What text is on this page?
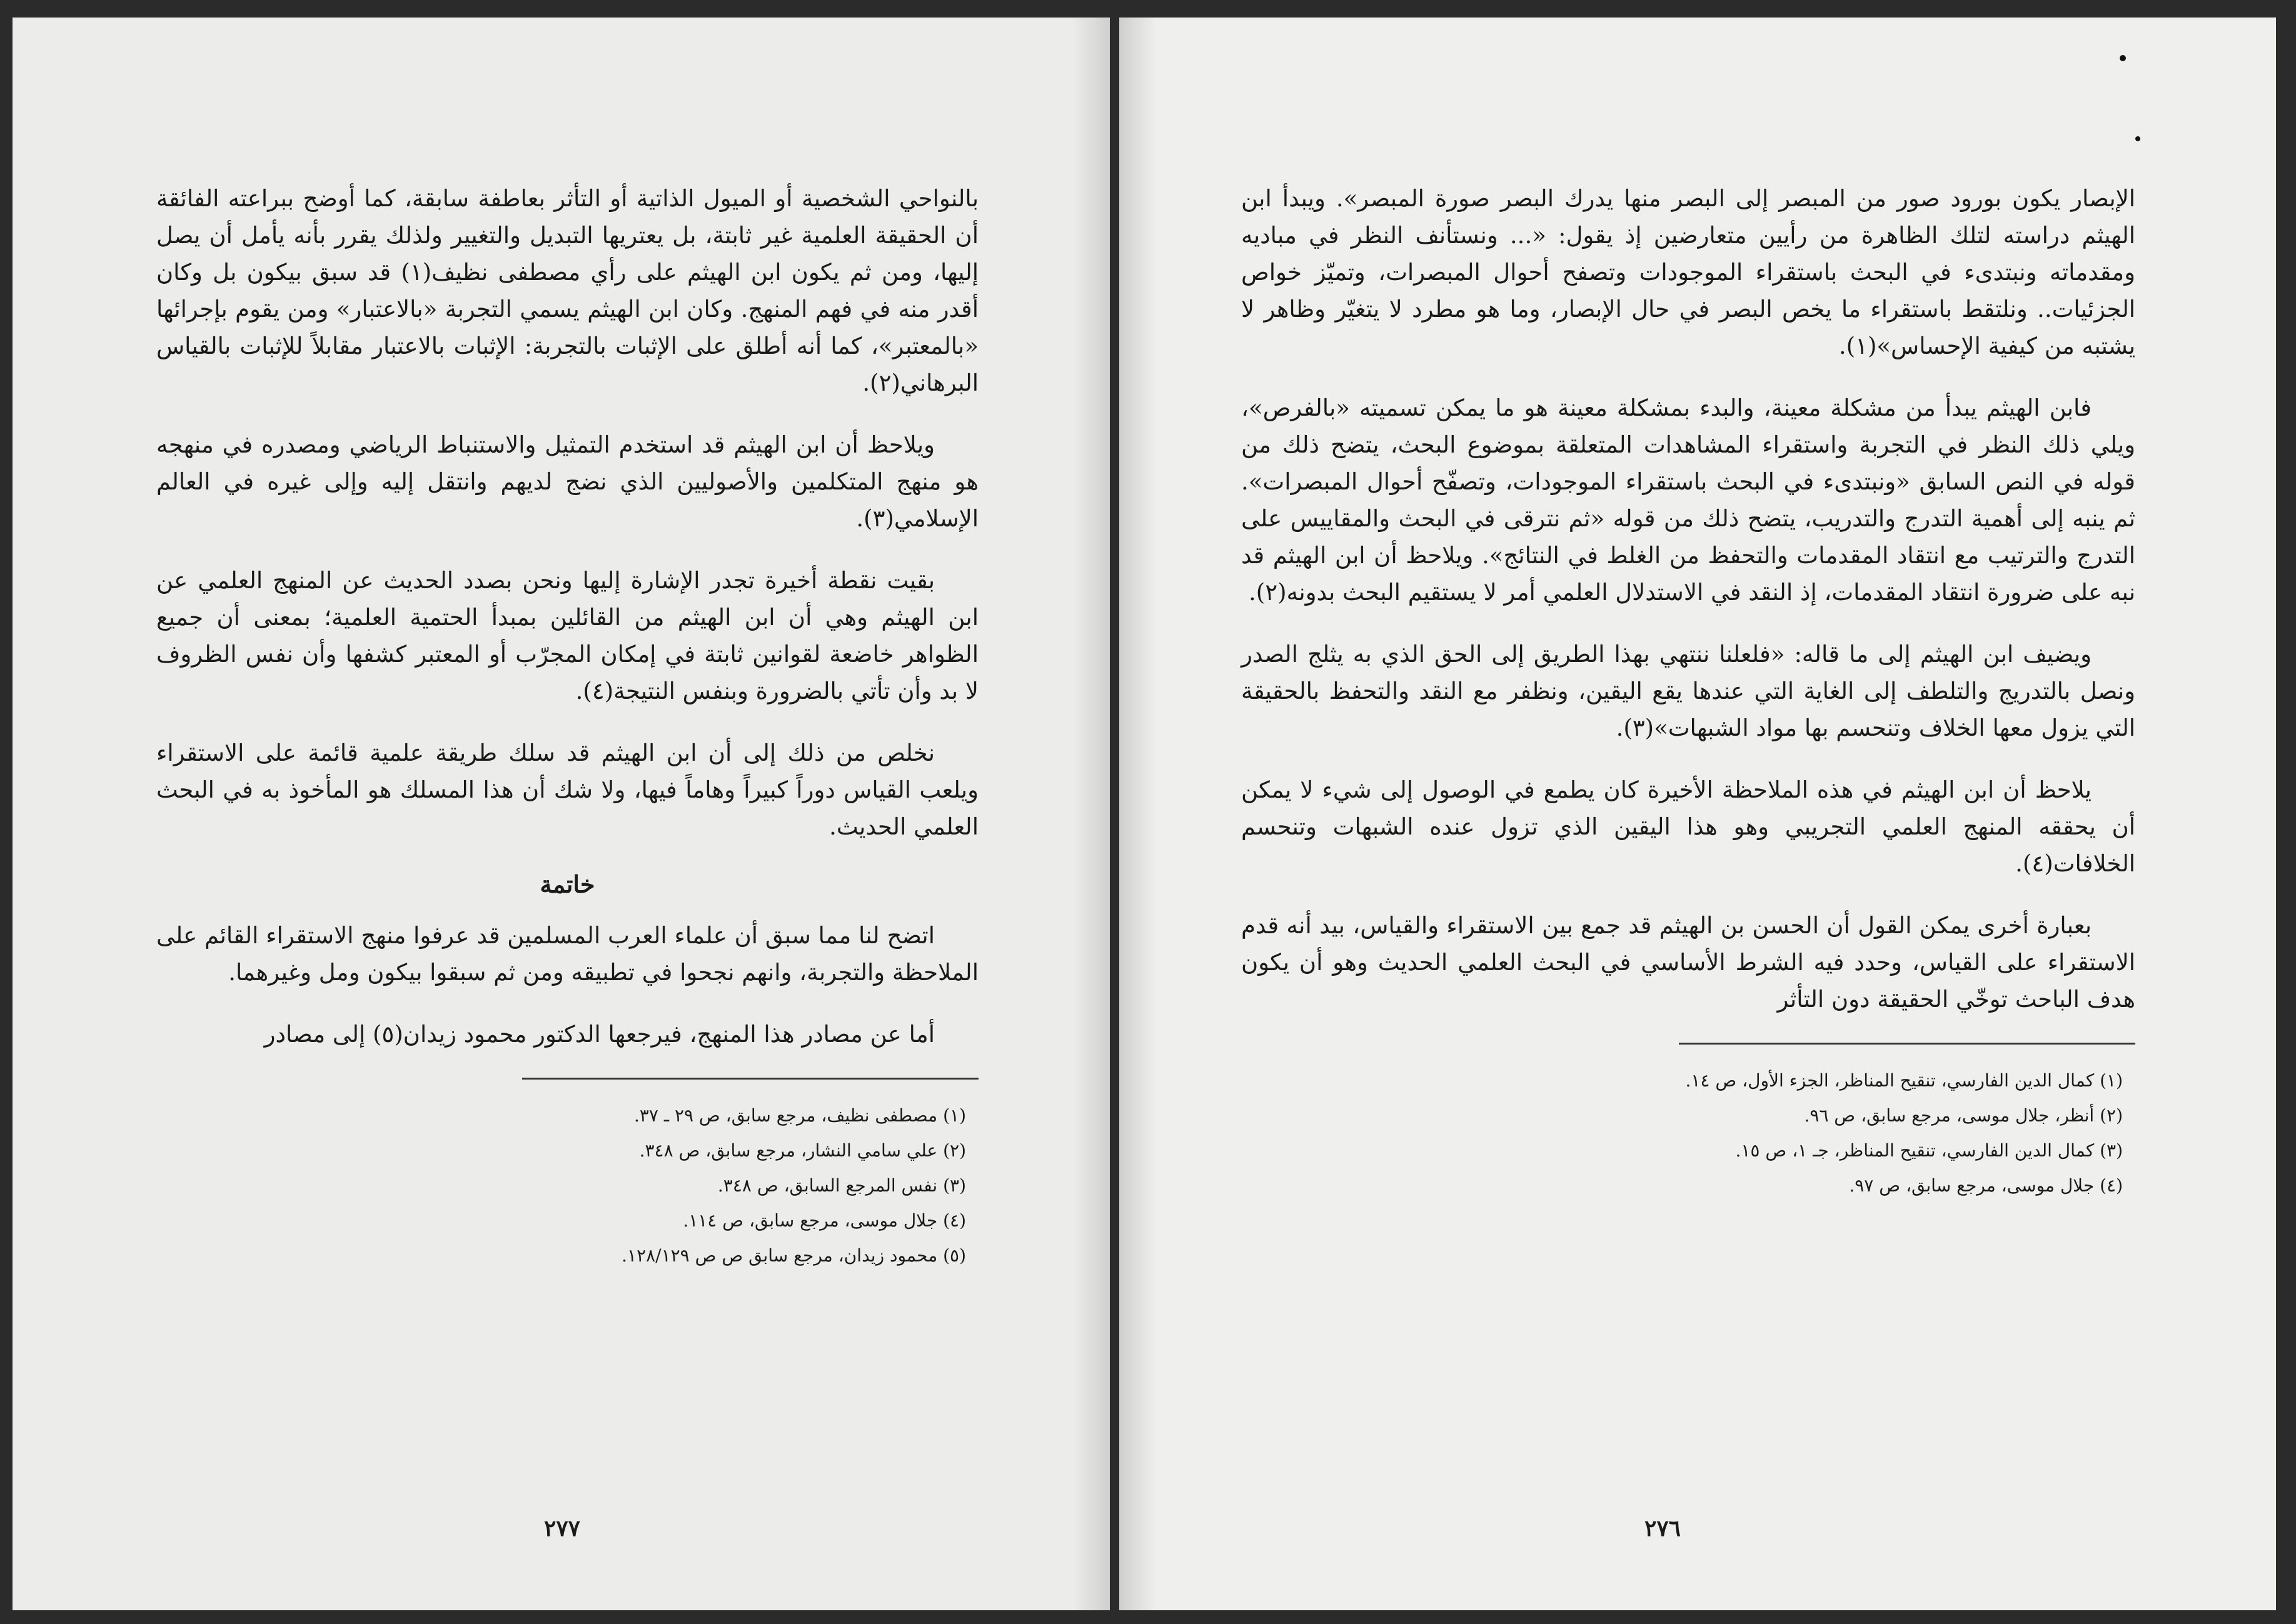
بالنواحي الشخصية أو الميول الذاتية أو التأثر بعاطفة سابقة، كما أوضح ببراعته الفائقة أن الحقيقة العلمية غير ثابتة، بل يعتريها التبديل والتغيير ولذلك يقرر بأنه يأمل أن يصل إليها، ومن ثم يكون ابن الهيثم على رأي مصطفى نظيف(١) قد سبق بيكون بل وكان أقدر منه في فهم المنهج. وكان ابن الهيثم يسمي التجربة «بالاعتبار» ومن يقوم بإجرائها «بالمعتبر»، كما أنه أطلق على الإثبات بالتجربة: الإثبات بالاعتبار مقابلاً للإثبات بالقياس البرهاني(٢).

ويلاحظ أن ابن الهيثم قد استخدم التمثيل والاستنباط الرياضي ومصدره في منهجه هو منهج المتكلمين والأصوليين الذي نضج لديهم وانتقل إليه وإلى غيره في العالم الإسلامي(٣).

بقيت نقطة أخيرة تجدر الإشارة إليها ونحن بصدد الحديث عن المنهج العلمي عن ابن الهيثم وهي أن ابن الهيثم من القائلين بمبدأ الحتمية العلمية؛ بمعنى أن جميع الظواهر خاضعة لقوانين ثابتة في إمكان المجرّب أو المعتبر كشفها وأن نفس الظروف لا بد وأن تأتي بالضرورة وبنفس النتيجة(٤).

نخلص من ذلك إلى أن ابن الهيثم قد سلك طريقة علمية قائمة على الاستقراء ويلعب القياس دوراً كبيراً وهاماً فيها، ولا شك أن هذا المسلك هو المأخوذ به في البحث العلمي الحديث.

خاتمة

اتضح لنا مما سبق أن علماء العرب المسلمين قد عرفوا منهج الاستقراء القائم على الملاحظة والتجربة، وانهم نجحوا في تطبيقه ومن ثم سبقوا بيكون ومل وغيرهما.

أما عن مصادر هذا المنهج، فيرجعها الدكتور محمود زيدان(٥) إلى مصادر

(١) مصطفى نظيف، مرجع سابق، ص ٢٩ ـ ٣٧.

(٢) علي سامي النشار، مرجع سابق، ص ٣٤٨.

(٣) نفس المرجع السابق، ص ٣٤٨.

(٤) جلال موسى، مرجع سابق، ص ١١٤.

(٥) محمود زيدان، مرجع سابق ص ص ١٢٨/١٢٩.

٢٧٧

الإبصار يكون بورود صور من المبصر إلى البصر منها يدرك البصر صورة المبصر». ويبدأ ابن الهيثم دراسته لتلك الظاهرة من رأيين متعارضين إذ يقول: «... ونستأنف النظر في مباديه ومقدماته ونبتدىء في البحث باستقراء الموجودات وتصفح أحوال المبصرات، وتميّز خواص الجزئيات.. ونلتقط باستقراء ما يخص البصر في حال الإبصار، وما هو مطرد لا يتغيّر وظاهر لا يشتبه من كيفية الإحساس»(١).

فابن الهيثم يبدأ من مشكلة معينة، والبدء بمشكلة معينة هو ما يمكن تسميته «بالفرص»، ويلي ذلك النظر في التجربة واستقراء المشاهدات المتعلقة بموضوع البحث، يتضح ذلك من قوله في النص السابق «ونبتدىء في البحث باستقراء الموجودات، وتصفّح أحوال المبصرات». ثم ينبه إلى أهمية التدرج والتدريب، يتضح ذلك من قوله «ثم نترقى في البحث والمقاييس على التدرج والترتيب مع انتقاد المقدمات والتحفظ من الغلط في النتائج». ويلاحظ أن ابن الهيثم قد نبه على ضرورة انتقاد المقدمات، إذ النقد في الاستدلال العلمي أمر لا يستقيم البحث بدونه(٢).

ويضيف ابن الهيثم إلى ما قاله: «فلعلنا ننتهي بهذا الطريق إلى الحق الذي به يثلج الصدر ونصل بالتدريج والتلطف إلى الغاية التي عندها يقع اليقين، ونظفر مع النقد والتحفظ بالحقيقة التي يزول معها الخلاف وتنحسم بها مواد الشبهات»(٣).

يلاحظ أن ابن الهيثم في هذه الملاحظة الأخيرة كان يطمع في الوصول إلى شيء لا يمكن أن يحققه المنهج العلمي التجريبي وهو هذا اليقين الذي تزول عنده الشبهات وتنحسم الخلافات(٤).

بعبارة أخرى يمكن القول أن الحسن بن الهيثم قد جمع بين الاستقراء والقياس، بيد أنه قدم الاستقراء على القياس، وحدد فيه الشرط الأساسي في البحث العلمي الحديث وهو أن يكون هدف الباحث توخّي الحقيقة دون التأثر

(١) كمال الدين الفارسي، تنقيح المناظر، الجزء الأول، ص ١٤.

(٢) أنظر، جلال موسى، مرجع سابق، ص ٩٦.

(٣) كمال الدين الفارسي، تنقيح المناظر، جـ ١، ص ١٥.

(٤) جلال موسى، مرجع سابق، ص ٩٧.

٢٧٦
